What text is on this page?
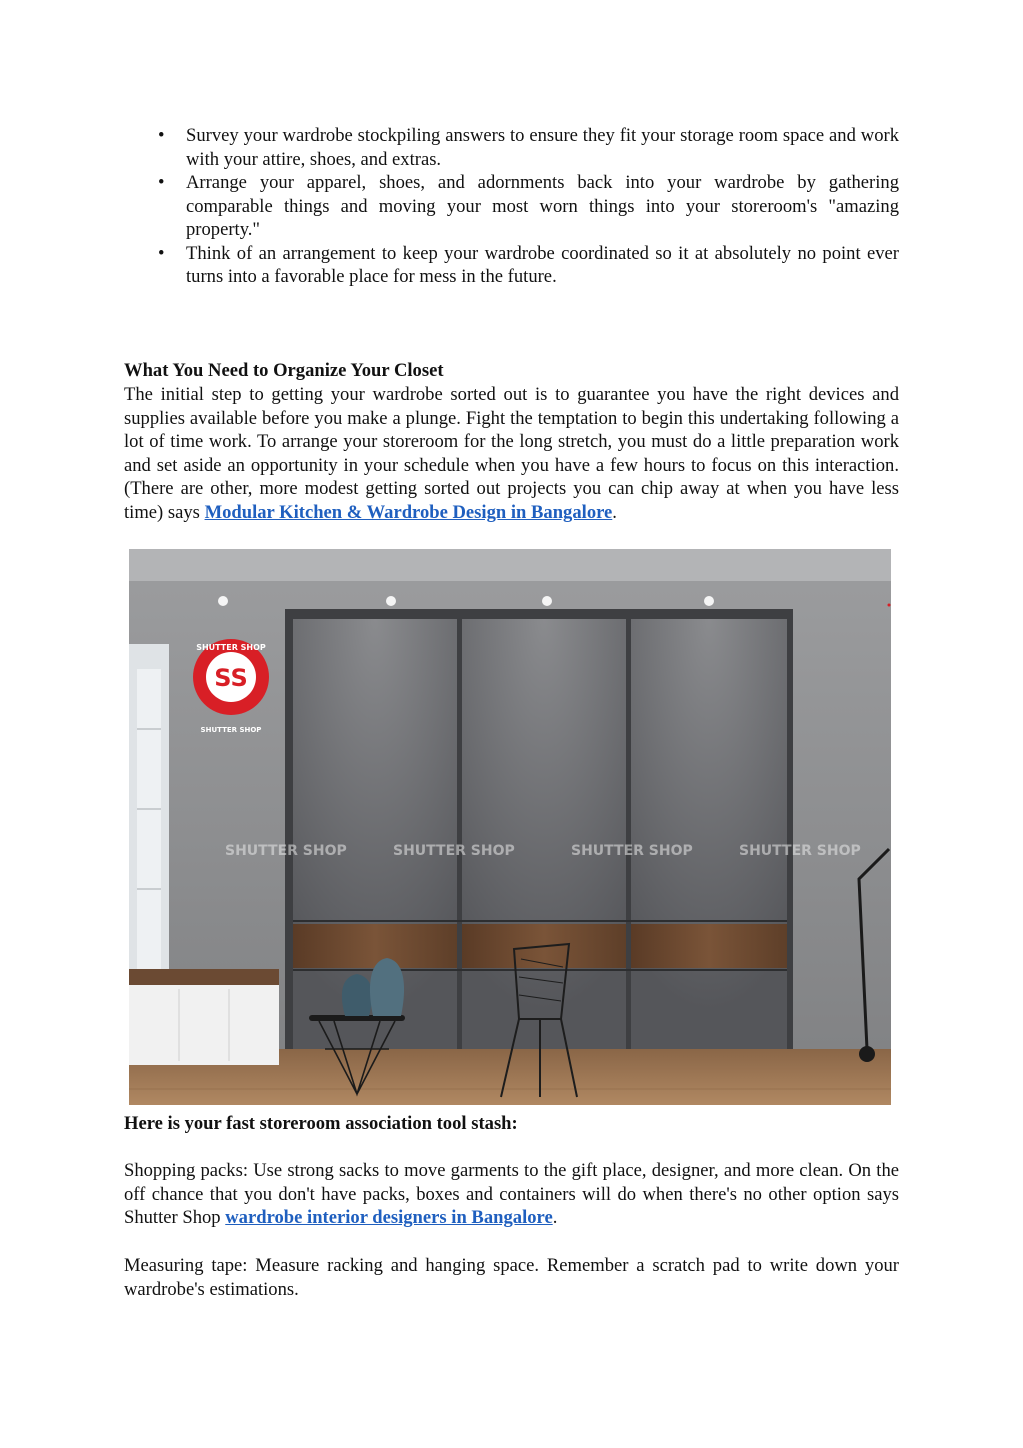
• Survey your wardrobe stockpiling answers to ensure they fit your storage room space and work with your attire, shoes, and extras.
• Arrange your apparel, shoes, and adornments back into your wardrobe by gathering comparable things and moving your most worn things into your storeroom's "amazing property."
• Think of an arrangement to keep your wardrobe coordinated so it at absolutely no point ever turns into a favorable place for mess in the future.
What You Need to Organize Your Closet
The initial step to getting your wardrobe sorted out is to guarantee you have the right devices and supplies available before you make a plunge. Fight the temptation to begin this undertaking following a lot of time work. To arrange your storeroom for the long stretch, you must do a little preparation work and set aside an opportunity in your schedule when you have a few hours to focus on this interaction. (There are other, more modest getting sorted out projects you can chip away at when you have less time) says Modular Kitchen & Wardrobe Design in Bangalore.
SS
SHUTTER SHOP
SHUTTER SHOP
SHUTTER SHOP	SHUTTER SHOP	SHUTTER SHOP	SHUTTER SHOP
Here is your fast storeroom association tool stash:
Shopping packs: Use strong sacks to move garments to the gift place, designer, and more clean. On the off chance that you don't have packs, boxes and containers will do when there's no other option says Shutter Shop wardrobe interior designers in Bangalore.
Measuring tape: Measure racking and hanging space. Remember a scratch pad to write down your wardrobe's estimations.
